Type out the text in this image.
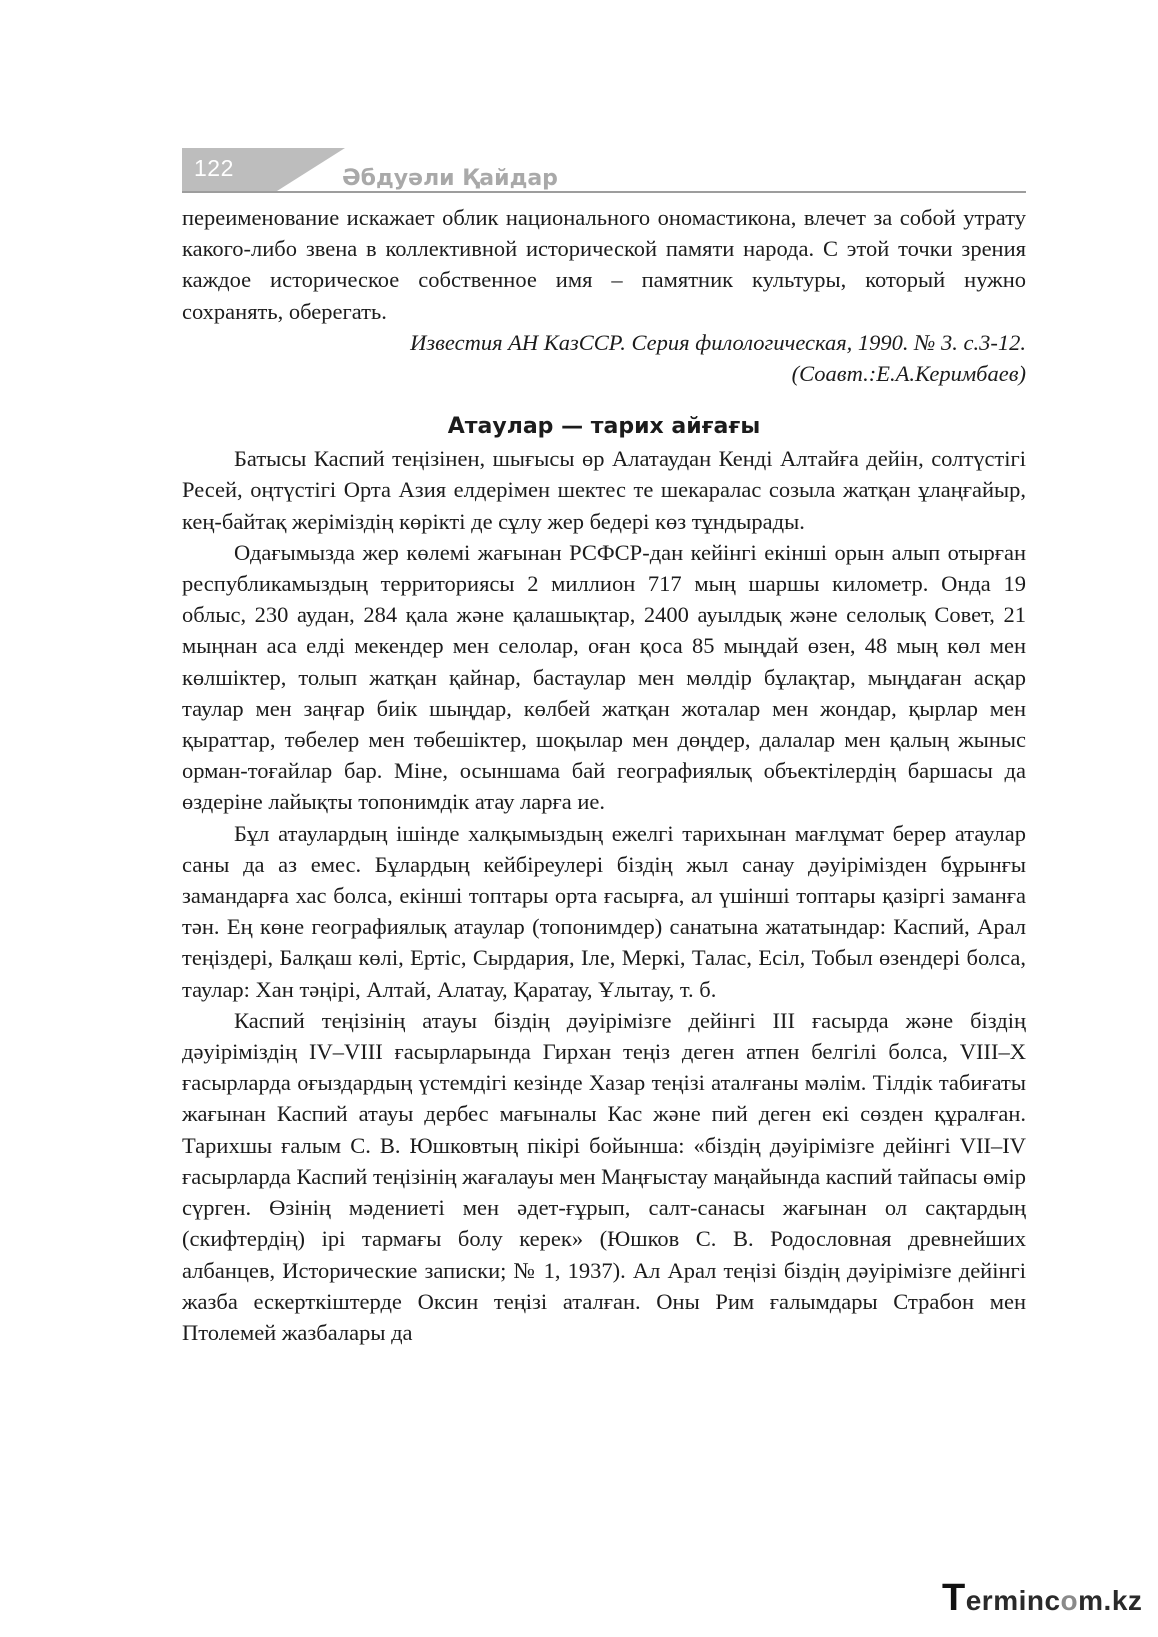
122	Әбдуәли Қайдар

переименование искажает облик национального ономастикона, влечет за собой утрату какого-либо звена в коллективной исторической памяти народа. С этой точки зрения каждое историческое собственное имя – памятник культуры, который нужно сохранять, оберегать.

Известия АН КазССР. Серия филологическая, 1990. № 3. с.3-12.
(Соавт.:Е.А.Керимбаев)

Атаулар — тарих айғағы

Батысы Каспий теңізінен, шығысы өр Алатаудан Кенді Алтайға дейін, солтүстігі Ресей, оңтүстігі Орта Азия елдерімен шектес те шекаралас созыла жатқан ұлаңғайыр, кең-байтақ жеріміздің көрікті де сұлу жер бедері көз тұндырады.

Одағымызда жер көлемі жағынан РСФСР-дан кейінгі екінші орын алып отырған республикамыздың территориясы 2 миллион 717 мың шаршы километр. Онда 19 облыс, 230 аудан, 284 қала және қалашықтар, 2400 ауылдық және селолық Совет, 21 мыңнан аса елді мекендер мен селолар, оған қоса 85 мыңдай өзен, 48 мың көл мен көлшіктер, толып жатқан қайнар, бастаулар мен мөлдір бұлақтар, мыңдаған асқар таулар мен заңғар биік шыңдар, көлбей жатқан жоталар мен жондар, қырлар мен қыраттар, төбелер мен төбешіктер, шоқылар мен дөңдер, далалар мен қалың жыныс орман-тоғайлар бар. Міне, осыншама бай географиялық объектілердің баршасы да өздеріне лайықты топонимдік атау ларға ие.

Бұл атаулардың ішінде халқымыздың ежелгі тарихынан мағлұмат берер атаулар саны да аз емес. Бұлардың кейбіреулері біздің жыл санау дәуірімізден бұрынғы замандарға хас болса, екінші топтары орта ғасырға, ал үшінші топтары қазіргі заманға тән. Ең көне географиялық атаулар (топонимдер) санатына жататындар: Каспий, Арал теңіздері, Балқаш көлі, Ертіс, Сырдария, Іле, Меркі, Талас, Есіл, Тобыл өзендері болса, таулар: Хан тәңірі, Алтай, Алатау, Қаратау, Ұлытау, т. б.

Каспий теңізінің атауы біздің дәуірімізге дейінгі ІІІ ғасырда және біздің дәуіріміздің IV–VIII ғасырларында Гирхан теңіз деген атпен белгілі болса, VIII–X ғасырларда оғыздардың үстемдігі кезінде Хазар теңізі аталғаны мәлім. Тілдік табиғаты жағынан Каспий атауы дербес мағыналы Кас және пий деген екі сөзден құралған. Тарихшы ғалым С. В. Юшковтың пікірі бойынша: «біздің дәуірімізге дейінгі VII–IV ғасырларда Каспий теңізінің жағалауы мен Маңғыстау маңайында каспий тайпасы өмір сүрген. Өзінің мәдениеті мен әдет-ғұрып, салт-санасы жағынан ол сақтардың (скифтердің) ірі тармағы болу керек» (Юшков С. В. Родословная древнейших албанцев, Исторические записки; № 1, 1937). Ал Арал теңізі біздің дәуірімізге дейінгі жазба ескерткіштерде Оксин теңізі аталған. Оны Рим ғалымдары Страбон мен Птолемей жазбалары да

Termincom.kz
